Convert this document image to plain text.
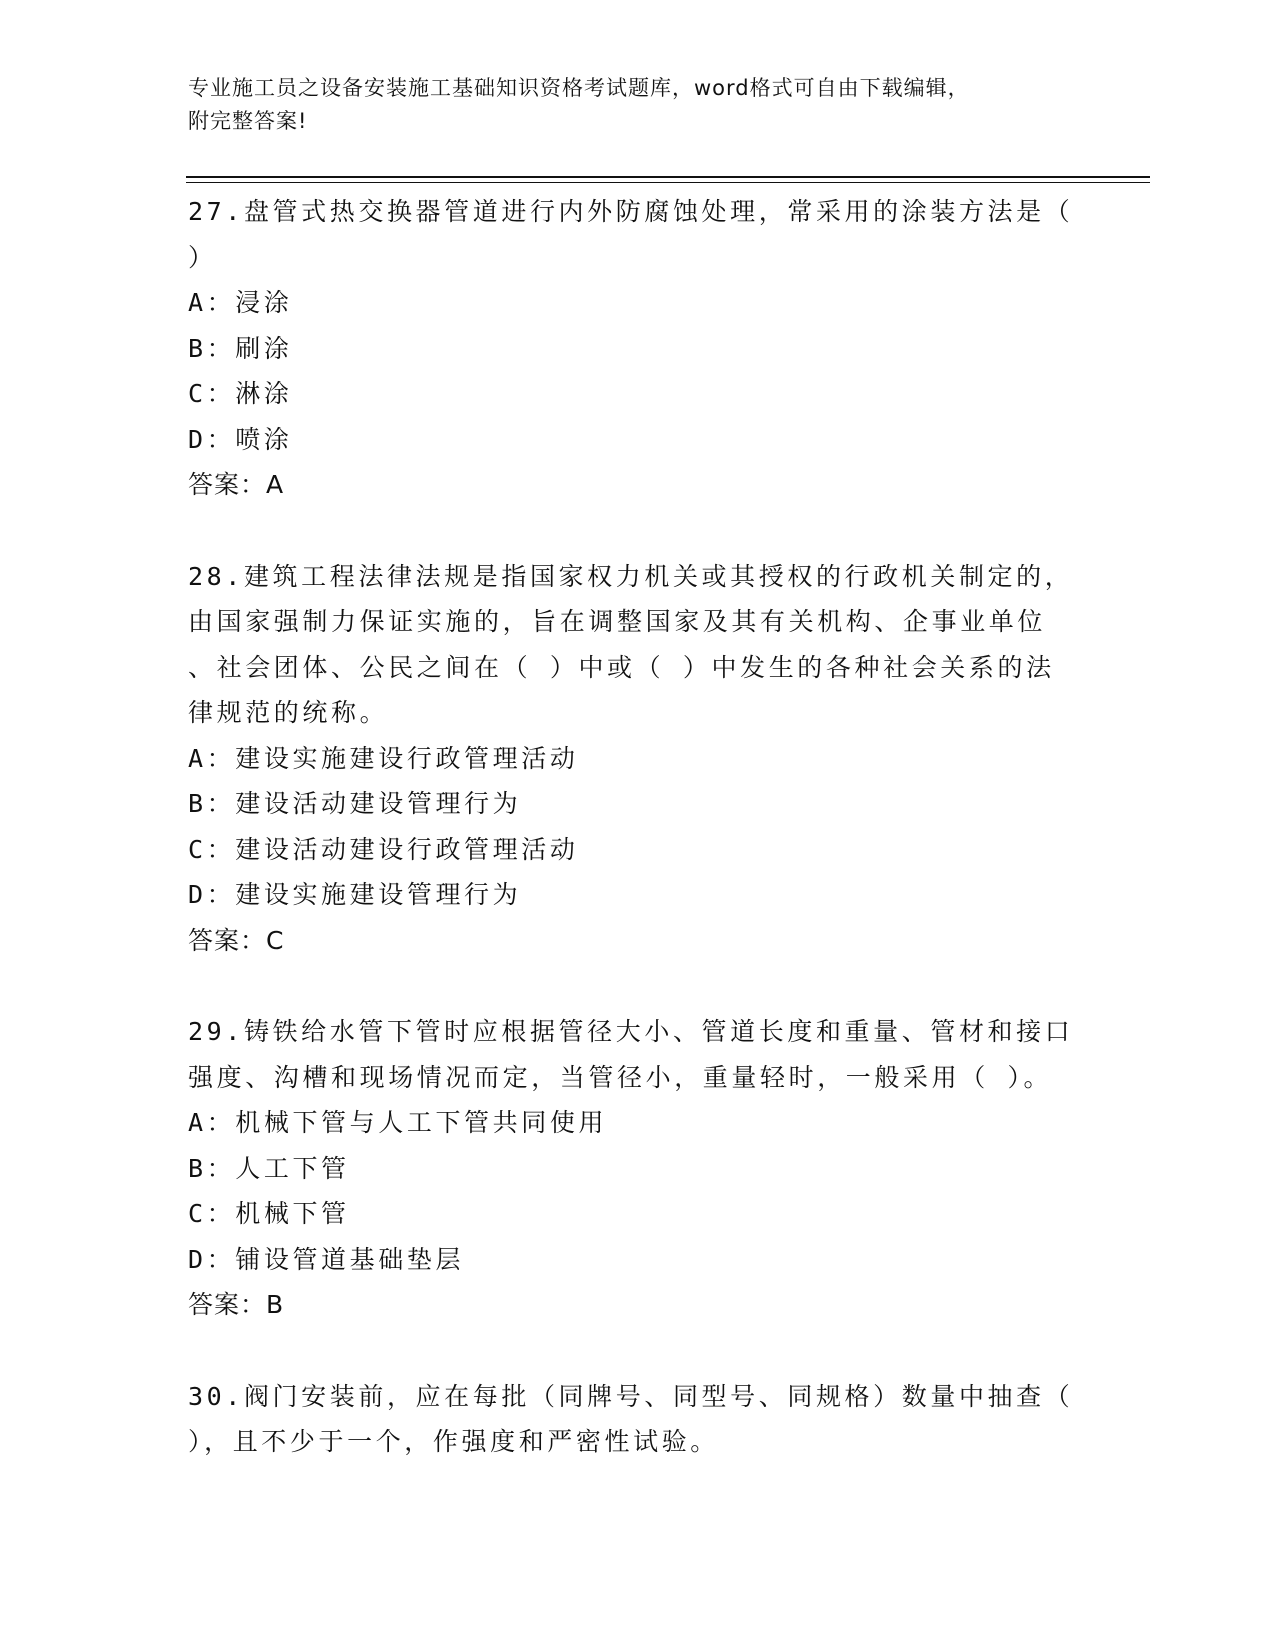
专业施工员之设备安装施工基础知识资格考试题库，word格式可自由下载编辑，
附完整答案!

27.盘管式热交换器管道进行内外防腐蚀处理，常采用的涂装方法是（

）

A：浸涂

B：刷涂

C：淋涂

D：喷涂

答案：A

28.建筑工程法律法规是指国家权力机关或其授权的行政机关制定的，

由国家强制力保证实施的，旨在调整国家及其有关机构、企事业单位

、社会团体、公民之间在（ ）中或（ ）中发生的各种社会关系的法

律规范的统称。

A：建设实施建设行政管理活动

B：建设活动建设管理行为

C：建设活动建设行政管理活动

D：建设实施建设管理行为

答案：C

29.铸铁给水管下管时应根据管径大小、管道长度和重量、管材和接口

强度、沟槽和现场情况而定，当管径小，重量轻时，一般采用（ ）。

A：机械下管与人工下管共同使用

B：人工下管

C：机械下管

D：铺设管道基础垫层

答案：B

30.阀门安装前，应在每批（同牌号、同型号、同规格）数量中抽查（

），且不少于一个，作强度和严密性试验。
